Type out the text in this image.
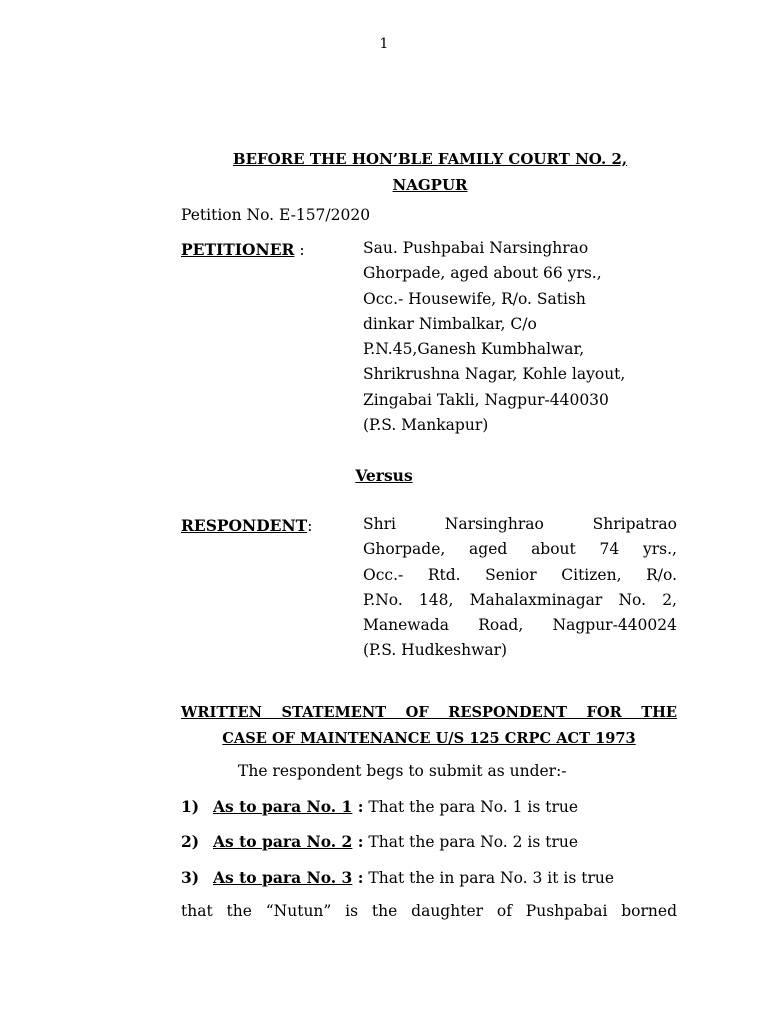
1
BEFORE THE HON’BLE FAMILY COURT NO. 2,
NAGPUR
Petition No. E-157/2020
PETITIONER :	Sau. Pushpabai Narsinghrao
Ghorpade, aged about 66 yrs.,
Occ.- Housewife, R/o. Satish
dinkar Nimbalkar, C/o
P.N.45,Ganesh Kumbhalwar,
Shrikrushna Nagar, Kohle layout,
Zingabai Takli, Nagpur-440030
(P.S. Mankapur)
Versus
RESPONDENT:	Shri Narsinghrao Shripatrao
Ghorpade, aged about 74 yrs.,
Occ.- Rtd. Senior Citizen, R/o.
P.No. 148, Mahalaxminagar No. 2,
Manewada Road, Nagpur-440024
(P.S. Hudkeshwar)
WRITTEN STATEMENT OF RESPONDENT FOR THE
CASE OF MAINTENANCE U/S 125 CRPC ACT 1973
The respondent begs to submit as under:-
1) As to para No. 1 : That the para No. 1 is true
2) As to para No. 2 : That the para No. 2 is true
3) As to para No. 3 : That the in para No. 3 it is true
that the “Nutun” is the daughter of Pushpabai borned
